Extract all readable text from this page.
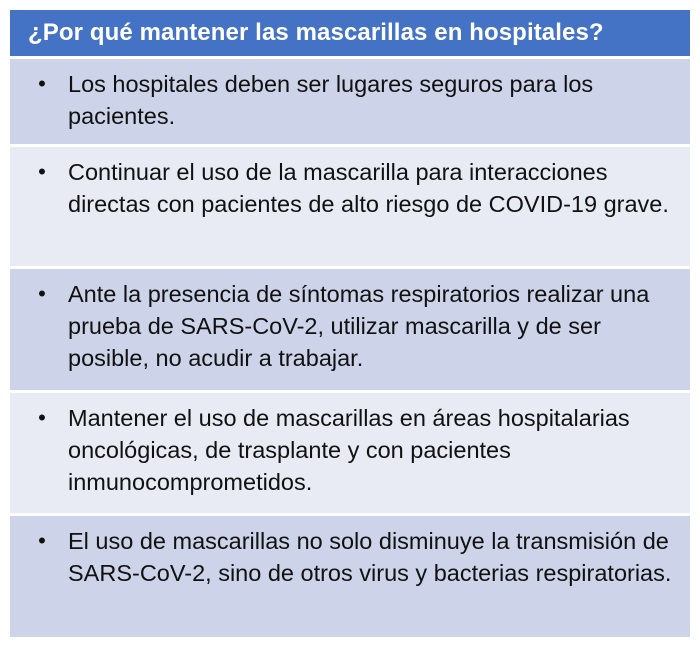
¿Por qué mantener las mascarillas en hospitales?
• Los hospitales deben ser lugares seguros para los pacientes.
• Continuar el uso de la mascarilla para interacciones directas con pacientes de alto riesgo de COVID-19 grave.
• Ante la presencia de síntomas respiratorios realizar una prueba de SARS-CoV-2, utilizar mascarilla y de ser posible, no acudir a trabajar.
• Mantener el uso de mascarillas en áreas hospitalarias oncológicas, de trasplante y con pacientes inmunocomprometidos.
• El uso de mascarillas no solo disminuye la transmisión de SARS-CoV-2, sino de otros virus y bacterias respiratorias.
